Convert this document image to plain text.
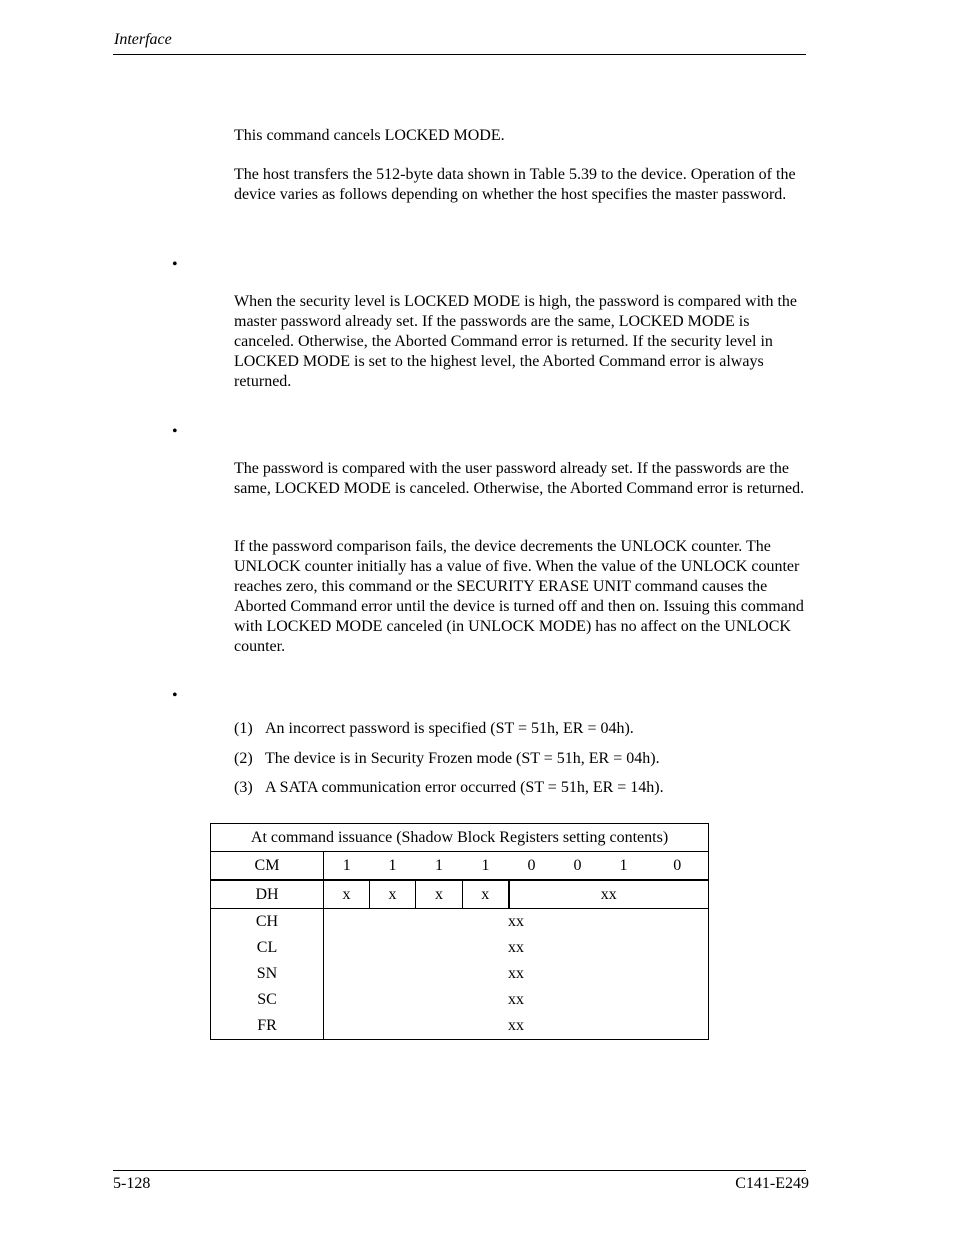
Interface

This command cancels LOCKED MODE.

The host transfers the 512-byte data shown in Table 5.39 to the device. Operation of the device varies as follows depending on whether the host specifies the master password.

•

When the security level is LOCKED MODE is high, the password is compared with the master password already set. If the passwords are the same, LOCKED MODE is canceled. Otherwise, the Aborted Command error is returned. If the security level in LOCKED MODE is set to the highest level, the Aborted Command error is always returned.

•

The password is compared with the user password already set. If the passwords are the same, LOCKED MODE is canceled. Otherwise, the Aborted Command error is returned.

If the password comparison fails, the device decrements the UNLOCK counter. The UNLOCK counter initially has a value of five. When the value of the UNLOCK counter reaches zero, this command or the SECURITY ERASE UNIT command causes the Aborted Command error until the device is turned off and then on. Issuing this command with LOCKED MODE canceled (in UNLOCK MODE) has no affect on the UNLOCK counter.

•
(1) An incorrect password is specified (ST = 51h, ER = 04h).
(2) The device is in Security Frozen mode (ST = 51h, ER = 04h).
(3) A SATA communication error occurred (ST = 51h, ER = 14h).
At command issuance (Shadow Block Registers setting contents)								
CM	1	1	1	1	0	0	1	0
DH	x	x	x	x	xx			
CH	xx							
CL	xx							
SN	xx							
SC	xx							
FR	xx							
5-128	C141-E249
